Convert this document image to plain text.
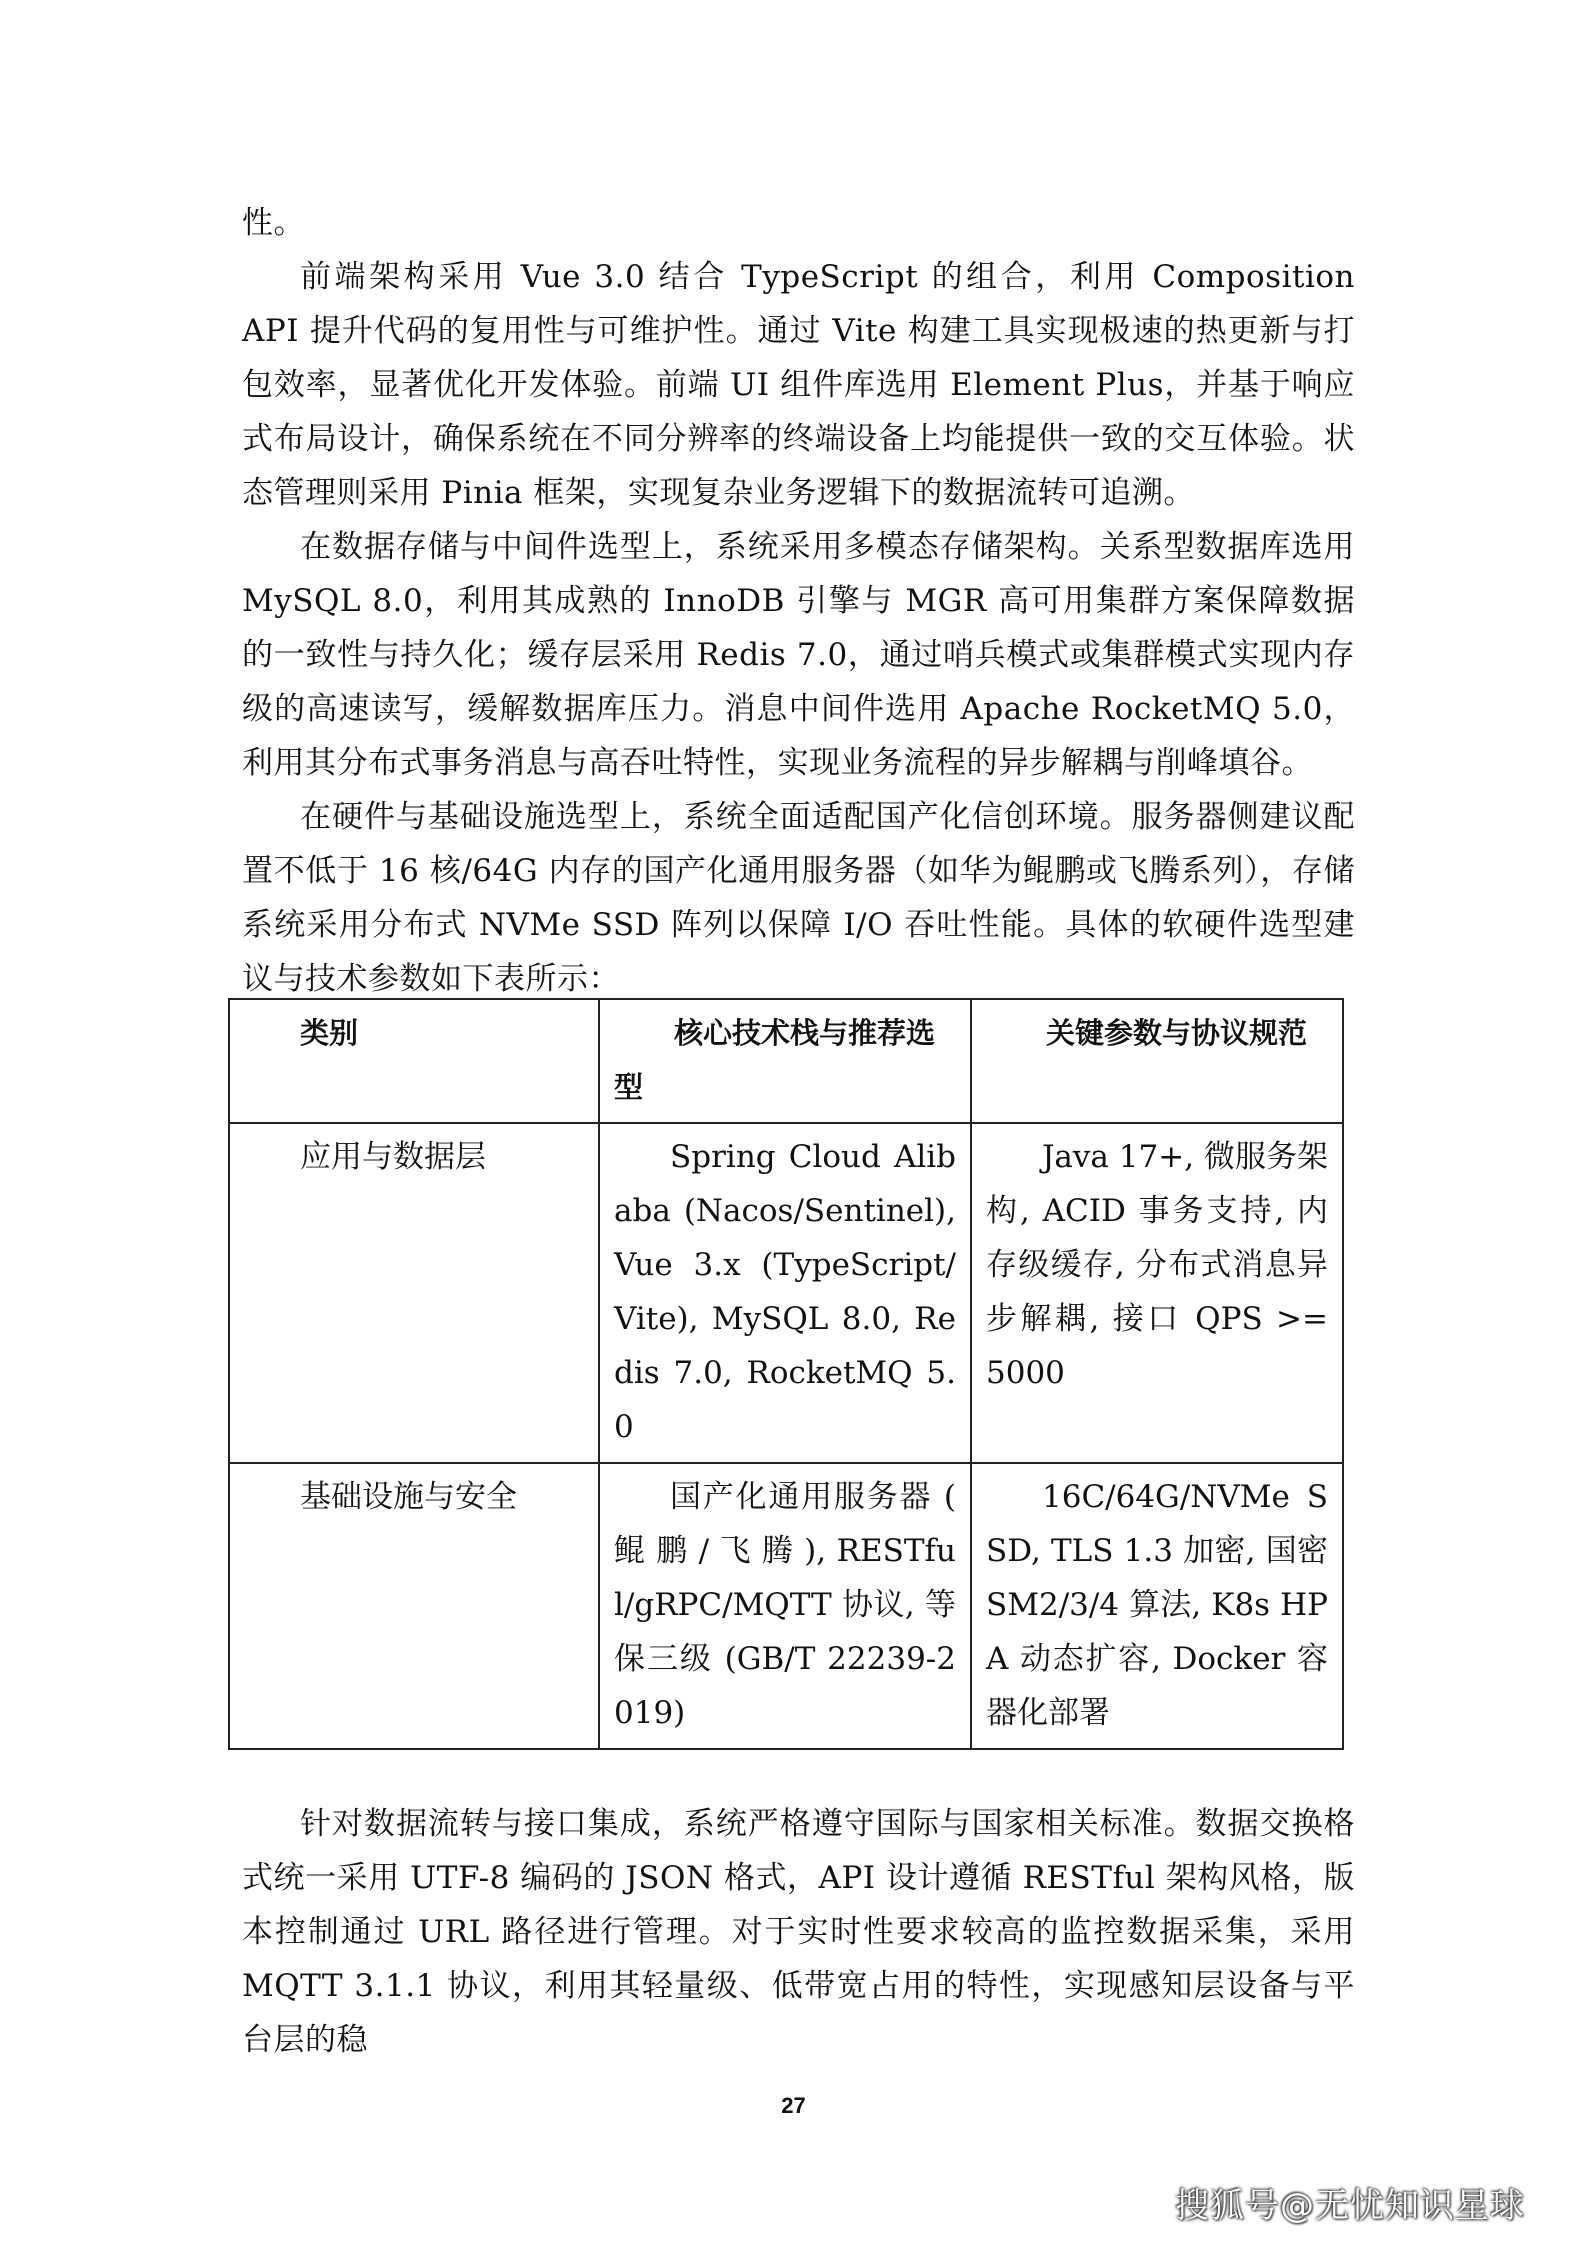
性。

前端架构采用 Vue 3.0 结合 TypeScript 的组合，利用 Composition API 提升代码的复用性与可维护性。通过 Vite 构建工具实现极速的热更新与打包效率，显著优化开发体验。前端 UI 组件库选用 Element Plus，并基于响应式布局设计，确保系统在不同分辨率的终端设备上均能提供一致的交互体验。状态管理则采用 Pinia 框架，实现复杂业务逻辑下的数据流转可追溯。

在数据存储与中间件选型上，系统采用多模态存储架构。关系型数据库选用 MySQL 8.0，利用其成熟的 InnoDB 引擎与 MGR 高可用集群方案保障数据的一致性与持久化；缓存层采用 Redis 7.0，通过哨兵模式或集群模式实现内存级的高速读写，缓解数据库压力。消息中间件选用 Apache RocketMQ 5.0，利用其分布式事务消息与高吞吐特性，实现业务流程的异步解耦与削峰填谷。

在硬件与基础设施选型上，系统全面适配国产化信创环境。服务器侧建议配置不低于 16 核/64G 内存的国产化通用服务器（如华为鲲鹏或飞腾系列），存储系统采用分布式 NVMe SSD 阵列以保障 I/O 吞吐性能。具体的软硬件选型建议与技术参数如下表所示：

类别	核心技术栈与推荐选型	关键参数与协议规范
应用与数据层	Spring Cloud Alibaba (Nacos/Sentinel), Vue 3.x (TypeScript/Vite), MySQL 8.0, Redis 7.0, RocketMQ 5.0	Java 17+, 微服务架构, ACID 事务支持, 内存级缓存, 分布式消息异步解耦, 接口 QPS >= 5000
基础设施与安全	国产化通用服务器 ( 鲲 鹏 / 飞 腾 ), RESTful/gRPC/MQTT 协议, 等保三级 (GB/T 22239-2019)	16C/64G/NVMe SSD, TLS 1.3 加密, 国密 SM2/3/4 算法, K8s HPA 动态扩容, Docker 容器化部署

针对数据流转与接口集成，系统严格遵守国际与国家相关标准。数据交换格式统一采用 UTF-8 编码的 JSON 格式，API 设计遵循 RESTful 架构风格，版本控制通过 URL 路径进行管理。对于实时性要求较高的监控数据采集，采用 MQTT 3.1.1 协议，利用其轻量级、低带宽占用的特性，实现感知层设备与平台层的稳

27
搜狐号@无忧知识星球
